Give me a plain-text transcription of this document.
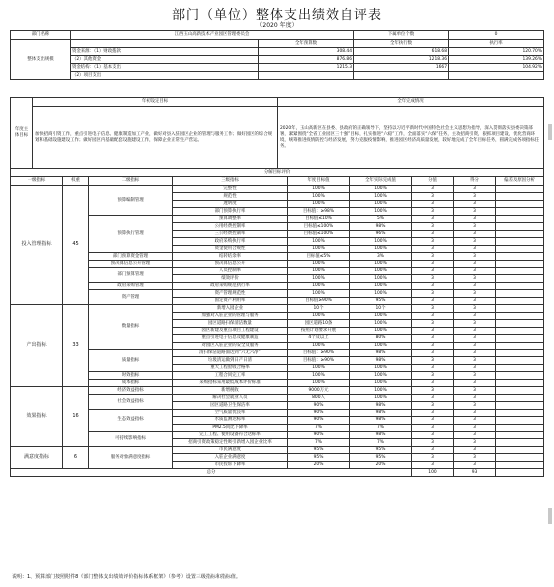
部门（单位）整体支出绩效自评表
（2020 年度）
部门名称	江西玉山高新技术产业园区管理委员会		下属单位个数	0
整体支出规模		全年预算数	全年执行数	执行率
	资金来源：（1）财政拨款	308.44	618.68	120.70%
	（2）其他资金	876.86	1218.36	139.26%
	资金结构：（1）基本支出	1215.3	1667	104.92%
	（2）项目支出			
年度主体目标	年初设定目标	全年完成情况
	加快招商引资工作，重点引进电子信息、健康制造加工产业，做好对县入驻园区企业的管理与服务工作；做好园区的综合规划和基础设施建设工作；做好园区内基础配套设施建设工作，保障企业正常生产营运。	2020年，玉山高新区在县委、县政府的正确领导下，坚持以习近平新时代中国特色社会主义思想为指导，深入贯彻落实县委决策部署，紧紧围绕“全省工业园区三十强”目标，扎实推进“六稳”工作，全面落实“六保”任务，主攻招商引资，狠抓项目建设，优化营商环境，统筹推进疫情防控与经济发展，努力克服疫情影响，推进园区经济高质量发展，较好地完成了全年目标任务，圆满完成各项指标任务。
分解目标评价								
一级指标	权重	二级指标	三级指标	年度目标值	全年实际完成值	分值	得分	偏差及原因分析
投入管理指标	45	预算编制管理	完整性	100%	100%	3	3	
			规范性	100%	100%	3	3	
			透明度	100%	100%	3	3	
			部门预算执行率	目标值：≥98%	100%	3	3	
		预算执行管理	预算调整率	目标值≤10%	5%	3	3	
			公用经费控制率	目标值≤100%	98%	3	3	
			三公经费控制率	目标值≤100%	96%	3	3	
			政府采购执行率	100%	100%	3	3	
			资金使用合规性	100%	100%	3	3	
		部门预算资金管理	结转结余率	目标值≤5%	3%	3	3	
		预决算信息公开管理	预决算信息公开	100%	100%	3	3	
		部门预算管理	人员控制率	100%	100%	3	3	
			绩效评价	100%	100%	3	3	
		政府采购管理	政府采购规范执行率	100%	100%	3	3	
		资产管理	资产管理规范性	100%	100%	3	3	
			固定资产利用率	目标值≥90%	95%	3	3	
产出指标	33	数量指标	新增入园企业	10个	10个	3	3	
			加强对入驻企业的管理与服务	100%	100%	3	3	
			园区道路扫保清洁数量	园区道路10条	100%	3	3	
			园区新建及重点项目工程建设	按照计划要求开展	100%	3	3	
			重点引进电子信息及健康制造	4个及以上	80%	3	3	
			对园区入驻企业的安全及服务	100%	100%	3	3	
		质量指标	清扫保洁道路面达到“六无六净”	目标值：≥90%	98%	3	3	
			垃圾清运做到日产日清	目标值：≥90%	98%	3	3	
			重大工程验收合格率	100%	100%	3	3	
		时效指标	工程合同完工率	100%	100%	3	3	
		成本指标	采购招标采用最低成本评价标准	100%	100%	3	3	
效果指标	16	经济效益指标	新增税收	9000万元	100%	3	3	
		社会效益指标	解决社会就业人员	800人	100%	3	3	
			园区道路卫生保洁率	90%	98%	3	3	
		生态效益指标	空气质量优良率	90%	98%	3	3	
			水质监测达标率	90%	98%	3	3	
			PM2.5同比下降率	7%	7%	3	3	
		可持续影响指标	完工工程、使用设备符合达标率	90%	98%	3	3	
			招商引资政策稳定性吸引新增入园企业比率	7%	7%	3	3	
满意度指标	6	服务对象满意度指标	市民满意度	95%	95%	3	3	
			入驻企业满意度	95%	95%	3	3	
			市民投诉下降率	20%	20%	3	3	
总分						100	93	
说明：1、预算部门按照附件8《部门整体支出绩效评价指标体系框架》（参考）设置三级指标和指标值。
